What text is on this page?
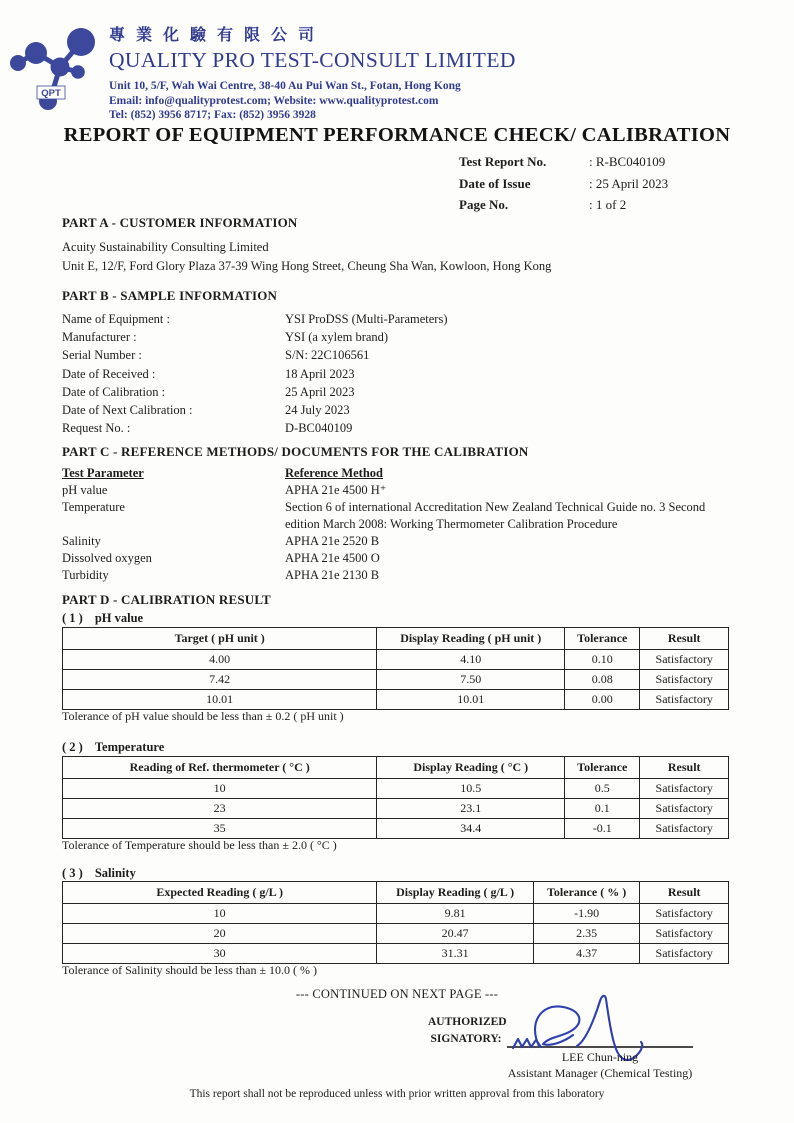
QPT
專業化驗有限公司
QUALITY PRO TEST-CONSULT LIMITED
Unit 10, 5/F, Wah Wai Centre, 38-40 Au Pui Wan St., Fotan, Hong Kong
Email: info@qualityprotest.com; Website: www.qualityprotest.com
Tel: (852) 3956 8717; Fax: (852) 3956 3928
REPORT OF EQUIPMENT PERFORMANCE CHECK/ CALIBRATION
Test Report No.	: R-BC040109
Date of Issue	: 25 April 2023
Page No.	: 1 of 2
PART A - CUSTOMER INFORMATION
Acuity Sustainability Consulting Limited
Unit E, 12/F, Ford Glory Plaza 37-39 Wing Hong Street, Cheung Sha Wan, Kowloon, Hong Kong
PART B - SAMPLE INFORMATION
Name of Equipment :	YSI ProDSS (Multi-Parameters)
Manufacturer :	YSI (a xylem brand)
Serial Number :	S/N: 22C106561
Date of Received :	18 April 2023
Date of Calibration :	25 April 2023
Date of Next Calibration :	24 July 2023
Request No. :	D-BC040109
PART C - REFERENCE METHODS/ DOCUMENTS FOR THE CALIBRATION
Test Parameter	Reference Method
pH value	APHA 21e 4500 H⁺
Temperature	Section 6 of international Accreditation New Zealand Technical Guide no. 3 Second edition March 2008: Working Thermometer Calibration Procedure
Salinity	APHA 21e 2520 B
Dissolved oxygen	APHA 21e 4500 O
Turbidity	APHA 21e 2130 B
PART D - CALIBRATION RESULT
( 1 ) pH value
Target ( pH unit )	Display Reading ( pH unit )	Tolerance	Result
4.00	4.10	0.10	Satisfactory
7.42	7.50	0.08	Satisfactory
10.01	10.01	0.00	Satisfactory
Tolerance of pH value should be less than ± 0.2 ( pH unit )
( 2 ) Temperature
Reading of Ref. thermometer ( °C )	Display Reading ( °C )	Tolerance	Result
10	10.5	0.5	Satisfactory
23	23.1	0.1	Satisfactory
35	34.4	-0.1	Satisfactory
Tolerance of Temperature should be less than ± 2.0 ( °C )
( 3 ) Salinity
Expected Reading ( g/L )	Display Reading ( g/L )	Tolerance ( % )	Result
10	9.81	-1.90	Satisfactory
20	20.47	2.35	Satisfactory
30	31.31	4.37	Satisfactory
Tolerance of Salinity should be less than ± 10.0 ( % )
--- CONTINUED ON NEXT PAGE ---
AUTHORIZED
SIGNATORY:
LEE Chun-ning
Assistant Manager (Chemical Testing)
This report shall not be reproduced unless with prior written approval from this laboratory
